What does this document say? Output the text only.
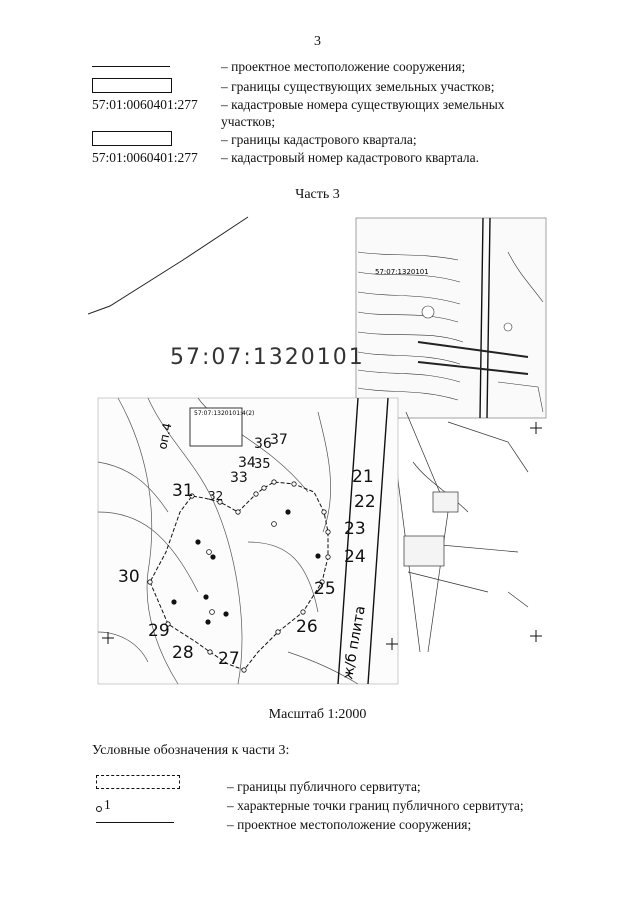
3
– проектное местоположение сооружения;
– границы существующих земельных участков;
57:01:0060401:277 – кадастровые номера существующих земельных
участков;
– границы кадастрового квартала;
57:01:0060401:277 – кадастровый номер кадастрового квартала.
Часть 3
57:07:1320101
57:07:1320101
57:07:1320101:4(2)
ж/б плита
оп.4
21
22
23
24
25
26
27
28
29
30
31 32
33
34
35
36
37
Масштаб 1:2000
Условные обозначения к части 3:
– границы публичного сервитута;
1	– характерные точки границ публичного сервитута;
– проектное местоположение сооружения;
